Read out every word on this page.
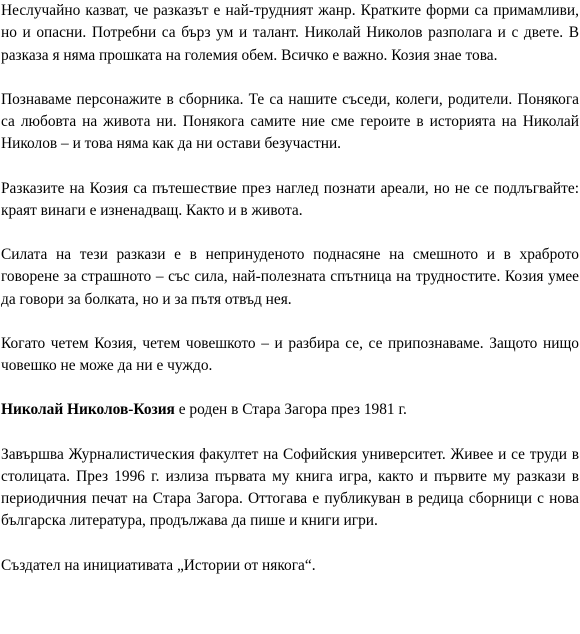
Неслучайно казват, че разказът е най-трудният жанр. Кратките форми са примамливи, но и опасни. Потребни са бърз ум и талант. Николай Николов разполага и с двете. В разказа я няма прошката на големия обем. Всичко е важно. Козия знае това.

Познаваме персонажите в сборника. Те са нашите съседи, колеги, родители. Понякога са любовта на живота ни. Понякога самите ние сме героите в историята на Николай Николов – и това няма как да ни остави безучастни.

Разказите на Козия са пътешествие през наглед познати ареали, но не се подлъгвайте: краят винаги е изненадващ. Както и в живота.

Силата на тези разкази е в непринуденото поднасяне на смешното и в храброто говорене за страшното – със сила, най-полезната спътница на трудностите. Козия умее да говори за болката, но и за пътя отвъд нея.

Когато четем Козия, четем човешкото – и разбира се, се припознаваме. Защото нищо човешко не може да ни е чуждо.

Николай Николов-Козия е роден в Стара Загора през 1981 г.

Завършва Журналистическия факултет на Софийския университет. Живее и се труди в столицата. През 1996 г. излиза първата му книга игра, както и първите му разкази в периодичния печат на Стара Загора. Оттогава е публикуван в редица сборници с нова българска литература, продължава да пише и книги игри.

Създател на инициативата „Истории от някога“.
